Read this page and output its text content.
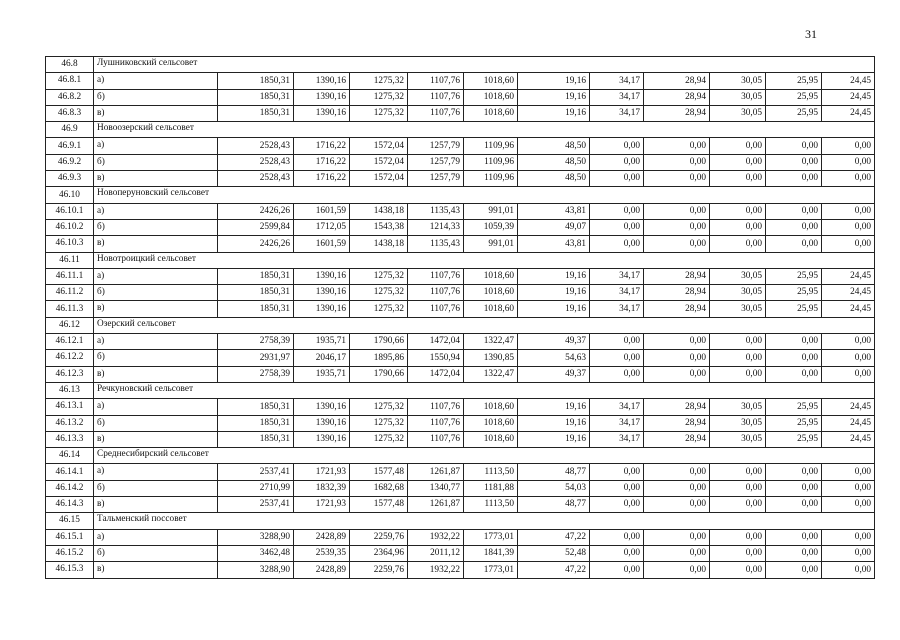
31
46.8	Лушниковский сельсовет											
46.8.1	а)	1850,31	1390,16	1275,32	1107,76	1018,60	19,16	34,17	28,94	30,05	25,95	24,45
46.8.2	б)	1850,31	1390,16	1275,32	1107,76	1018,60	19,16	34,17	28,94	30,05	25,95	24,45
46.8.3	в)	1850,31	1390,16	1275,32	1107,76	1018,60	19,16	34,17	28,94	30,05	25,95	24,45
46.9	Новоозерский сельсовет											
46.9.1	а)	2528,43	1716,22	1572,04	1257,79	1109,96	48,50	0,00	0,00	0,00	0,00	0,00
46.9.2	б)	2528,43	1716,22	1572,04	1257,79	1109,96	48,50	0,00	0,00	0,00	0,00	0,00
46.9.3	в)	2528,43	1716,22	1572,04	1257,79	1109,96	48,50	0,00	0,00	0,00	0,00	0,00
46.10	Новоперуновский сельсовет											
46.10.1	а)	2426,26	1601,59	1438,18	1135,43	991,01	43,81	0,00	0,00	0,00	0,00	0,00
46.10.2	б)	2599,84	1712,05	1543,38	1214,33	1059,39	49,07	0,00	0,00	0,00	0,00	0,00
46.10.3	в)	2426,26	1601,59	1438,18	1135,43	991,01	43,81	0,00	0,00	0,00	0,00	0,00
46.11	Новотроицкий сельсовет											
46.11.1	а)	1850,31	1390,16	1275,32	1107,76	1018,60	19,16	34,17	28,94	30,05	25,95	24,45
46.11.2	б)	1850,31	1390,16	1275,32	1107,76	1018,60	19,16	34,17	28,94	30,05	25,95	24,45
46.11.3	в)	1850,31	1390,16	1275,32	1107,76	1018,60	19,16	34,17	28,94	30,05	25,95	24,45
46.12	Озерский сельсовет											
46.12.1	а)	2758,39	1935,71	1790,66	1472,04	1322,47	49,37	0,00	0,00	0,00	0,00	0,00
46.12.2	б)	2931,97	2046,17	1895,86	1550,94	1390,85	54,63	0,00	0,00	0,00	0,00	0,00
46.12.3	в)	2758,39	1935,71	1790,66	1472,04	1322,47	49,37	0,00	0,00	0,00	0,00	0,00
46.13	Речкуновский сельсовет											
46.13.1	а)	1850,31	1390,16	1275,32	1107,76	1018,60	19,16	34,17	28,94	30,05	25,95	24,45
46.13.2	б)	1850,31	1390,16	1275,32	1107,76	1018,60	19,16	34,17	28,94	30,05	25,95	24,45
46.13.3	в)	1850,31	1390,16	1275,32	1107,76	1018,60	19,16	34,17	28,94	30,05	25,95	24,45
46.14	Среднесибирский сельсовет											
46.14.1	а)	2537,41	1721,93	1577,48	1261,87	1113,50	48,77	0,00	0,00	0,00	0,00	0,00
46.14.2	б)	2710,99	1832,39	1682,68	1340,77	1181,88	54,03	0,00	0,00	0,00	0,00	0,00
46.14.3	в)	2537,41	1721,93	1577,48	1261,87	1113,50	48,77	0,00	0,00	0,00	0,00	0,00
46.15	Тальменский поссовет											
46.15.1	а)	3288,90	2428,89	2259,76	1932,22	1773,01	47,22	0,00	0,00	0,00	0,00	0,00
46.15.2	б)	3462,48	2539,35	2364,96	2011,12	1841,39	52,48	0,00	0,00	0,00	0,00	0,00
46.15.3	в)	3288,90	2428,89	2259,76	1932,22	1773,01	47,22	0,00	0,00	0,00	0,00	0,00
